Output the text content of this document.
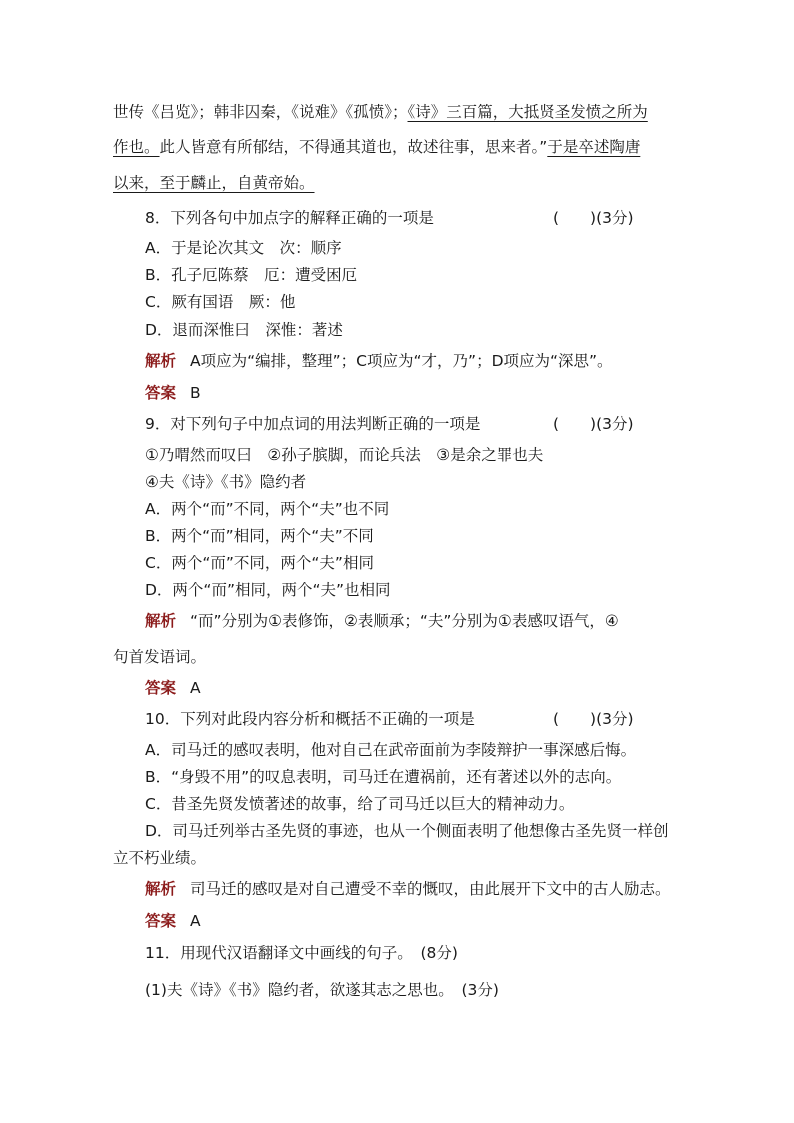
世传《吕览》；韩非囚秦，《说难》《孤愤》；《诗》三百篇，大抵贤圣发愤之所为
作也。此人皆意有所郁结，不得通其道也，故述往事，思来者。”于是卒述陶唐
以来，至于麟止，自黄帝始。
8．下列各句中加点字的解释正确的一项是	(　　)(3分)
A．于是论次其文　次：顺序
B．孔子厄陈蔡　厄：遭受困厄
C．厥有国语　厥：他
D．退而深惟曰　深惟：著述
解析 A项应为“编排，整理”；C项应为“才，乃”；D项应为“深思”。
答案 B
9．对下列句子中加点词的用法判断正确的一项是	(　　)(3分)
①乃喟然而叹曰　②孙子膑脚，而论兵法　③是余之罪也夫
④夫《诗》《书》隐约者
A．两个“而”不同，两个“夫”也不同
B．两个“而”相同，两个“夫”不同
C．两个“而”不同，两个“夫”相同
D．两个“而”相同，两个“夫”也相同
解析 “而”分别为①表修饰，②表顺承；“夫”分别为①表感叹语气，④
句首发语词。
答案 A
10．下列对此段内容分析和概括不正确的一项是	(　　)(3分)
A．司马迁的感叹表明，他对自己在武帝面前为李陵辩护一事深感后悔。
B．“身毁不用”的叹息表明，司马迁在遭祸前，还有著述以外的志向。
C．昔圣先贤发愤著述的故事，给了司马迁以巨大的精神动力。
D．司马迁列举古圣先贤的事迹，也从一个侧面表明了他想像古圣先贤一样创
立不朽业绩。
解析 司马迁的感叹是对自己遭受不幸的慨叹，由此展开下文中的古人励志。
答案 A
11．用现代汉语翻译文中画线的句子。　(8分)
(1)夫《诗》《书》隐约者，欲遂其志之思也。　(3分)
